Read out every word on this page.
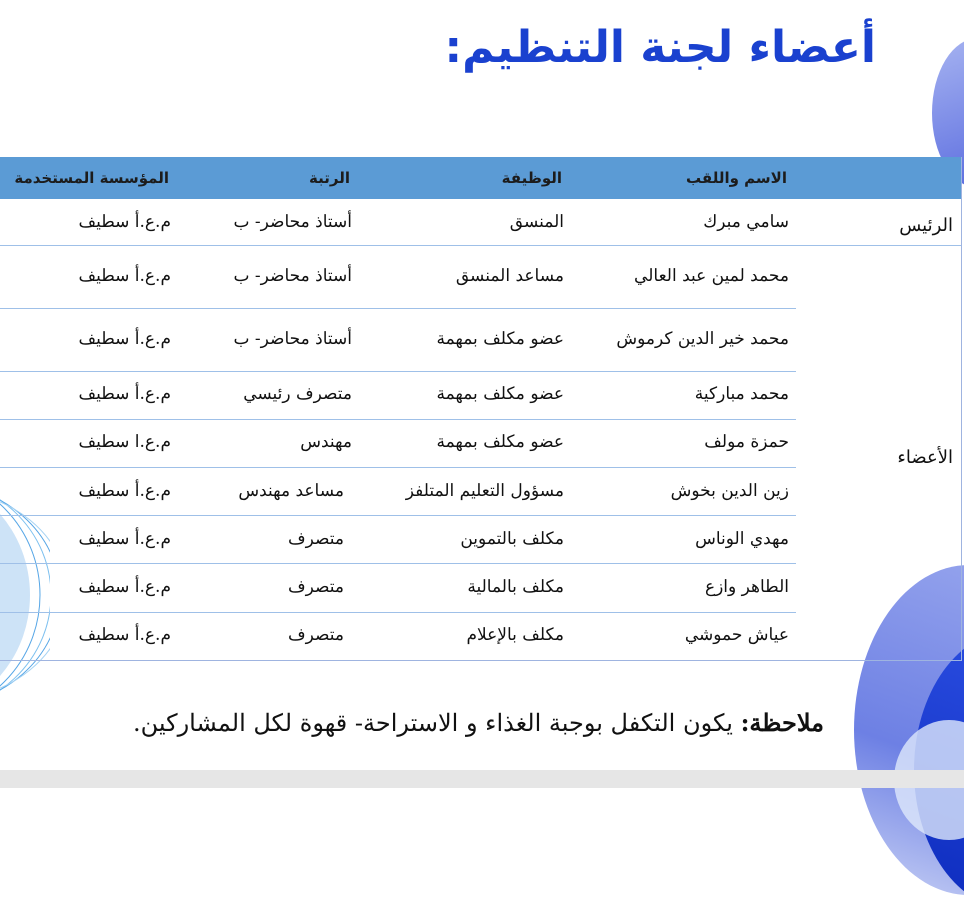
أعضاء لجنة التنظيم:
الاسم واللقب
الوظيفة
الرتبة
المؤسسة المستخدمة
الرئيس
الأعضاء
سامي مبرك
المنسق
أستاذ محاضر- ب
م.ع.أ سطيف
محمد لمين عبد العالي
مساعد المنسق
أستاذ محاضر- ب
م.ع.أ سطيف
محمد خير الدين كرموش
عضو مكلف بمهمة
أستاذ محاضر- ب
م.ع.أ سطيف
محمد مباركية
عضو مكلف بمهمة
متصرف رئيسي
م.ع.أ سطيف
حمزة مولف
عضو مكلف بمهمة
مهندس
م.ع.ا سطيف
زين الدين بخوش
مسؤول التعليم المتلفز
مساعد مهندس
م.ع.أ سطيف
مهدي الوناس
مكلف بالتموين
متصرف
م.ع.أ سطيف
الطاهر وازع
مكلف بالمالية
متصرف
م.ع.أ سطيف
عياش حموشي
مكلف بالإعلام
متصرف
م.ع.أ سطيف

ملاحظة: يكون التكفل بوجبة الغذاء و الاستراحة- قهوة لكل المشاركين.
